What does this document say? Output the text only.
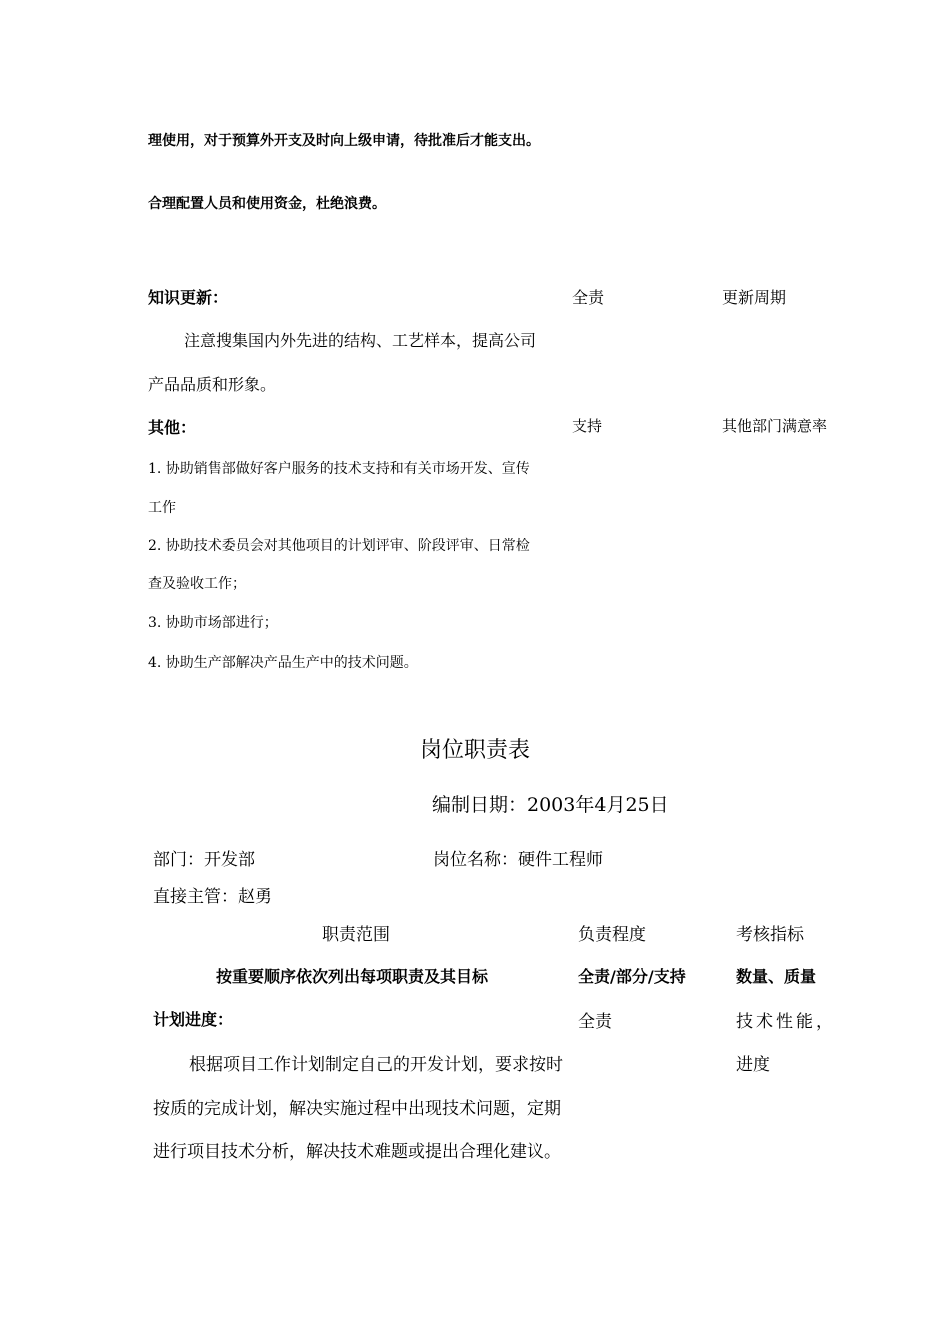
理使用，对于预算外开支及时向上级申请，待批准后才能支出。
合理配置人员和使用资金，杜绝浪费。
知识更新：	全责	更新周期
注意搜集国内外先进的结构、工艺样本，提高公司
产品品质和形象。
其他：	支持	其他部门满意率
1. 协助销售部做好客户服务的技术支持和有关市场开发、宣传
工作
2. 协助技术委员会对其他项目的计划评审、阶段评审、日常检
查及验收工作；
3. 协助市场部进行；
4. 协助生产部解决产品生产中的技术问题。
岗位职责表
编制日期：2003年4月25日
部门：开发部	岗位名称：硬件工程师
直接主管：赵勇
职责范围	负责程度	考核指标
按重要顺序依次列出每项职责及其目标	全责/部分/支持	数量、质量
计划进度：	全责	技术性能，
进度
根据项目工作计划制定自己的开发计划，要求按时
按质的完成计划，解决实施过程中出现技术问题，定期
进行项目技术分析，解决技术难题或提出合理化建议。
